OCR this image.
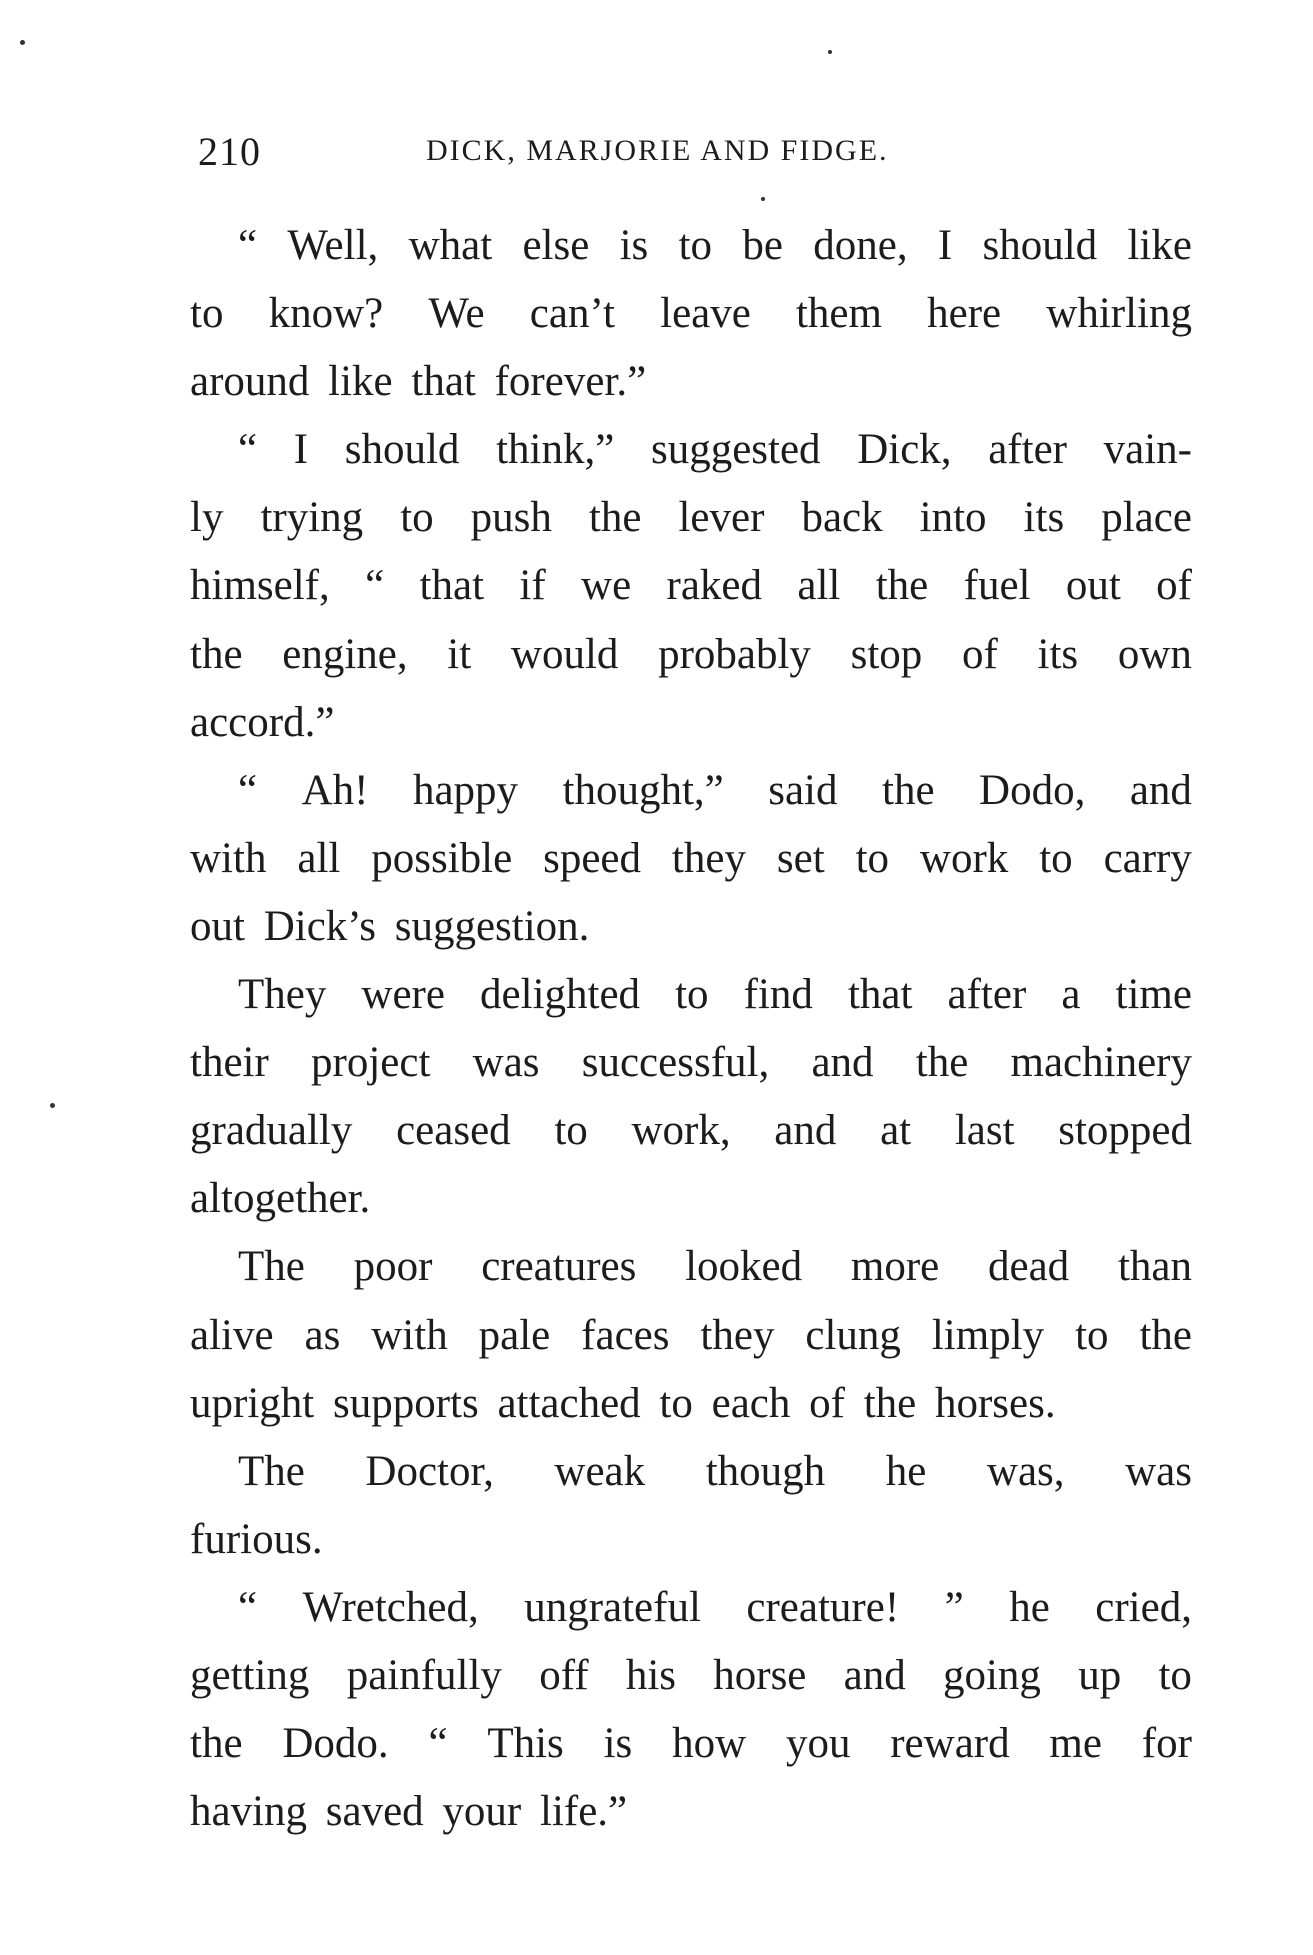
210	DICK, MARJORIE AND FIDGE.
“ Well, what else is to be done, I should like
to know? We can’t leave them here whirling
around like that forever.”
“ I should think,” suggested Dick, after vain-
ly trying to push the lever back into its place
himself, “ that if we raked all the fuel out of
the engine, it would probably stop of its own
accord.”
“ Ah! happy thought,” said the Dodo, and
with all possible speed they set to work to carry
out Dick’s suggestion.
They were delighted to find that after a time
their project was successful, and the machinery
gradually ceased to work, and at last stopped
altogether.
The poor creatures looked more dead than
alive as with pale faces they clung limply to the
upright supports attached to each of the horses.
The Doctor, weak though he was, was
furious.
“ Wretched, ungrateful creature! ” he cried,
getting painfully off his horse and going up to
the Dodo. “ This is how you reward me for
having saved your life.”
